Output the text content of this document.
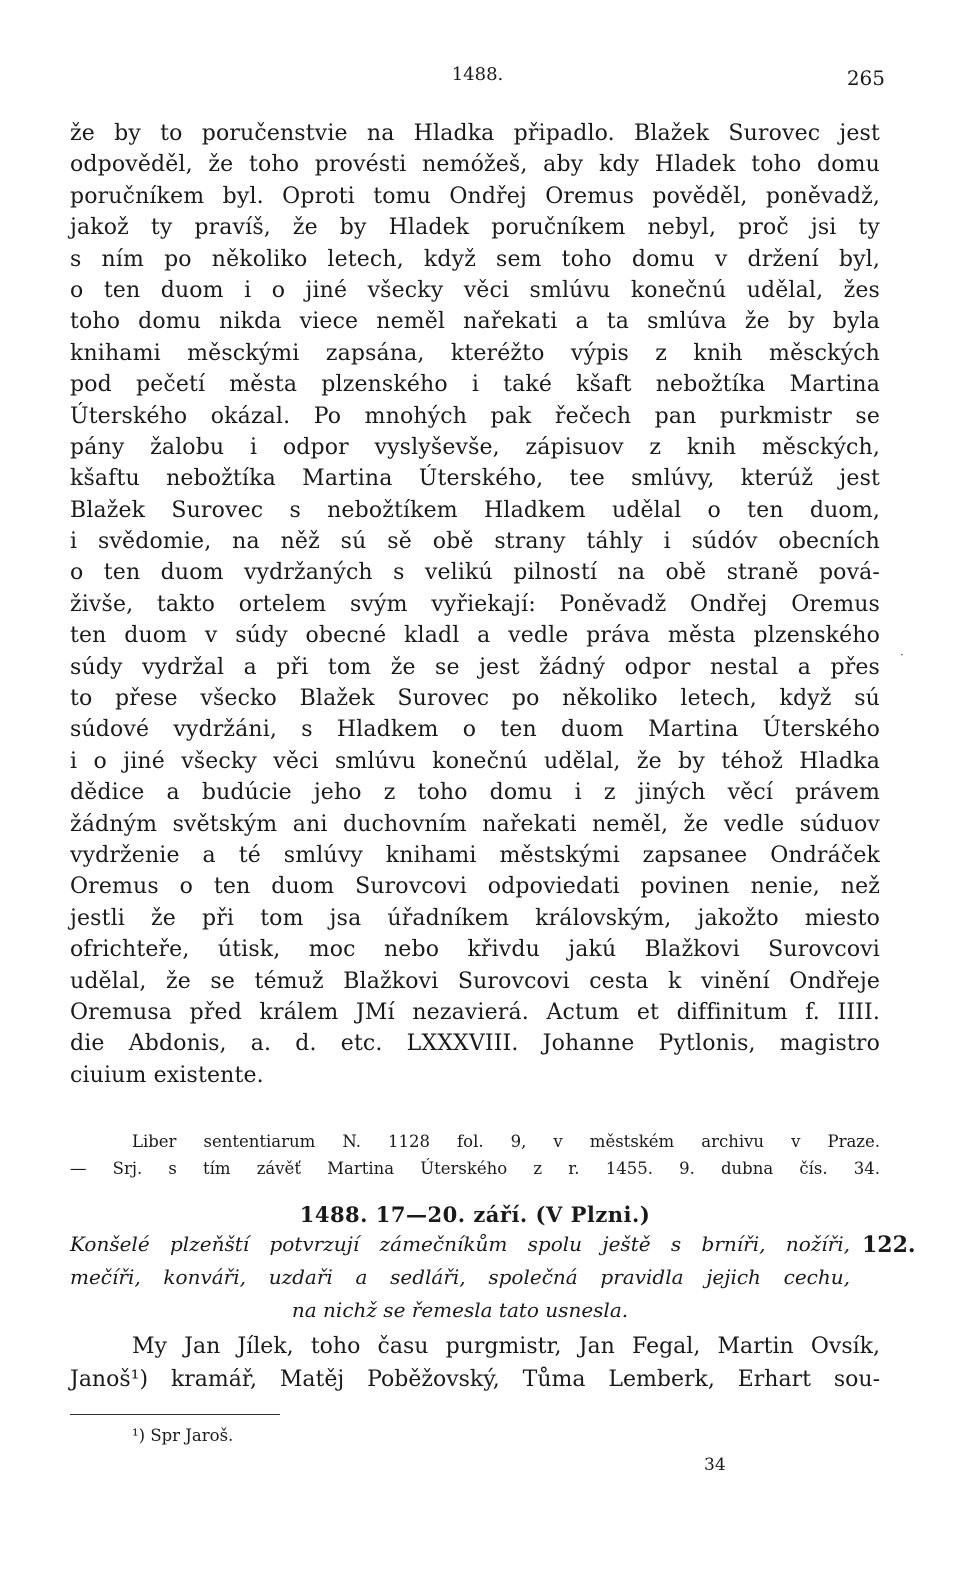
1488.	265
že by to poručenstvie na Hladka připadlo. Blažek Surovec jest
odpověděl, že toho provésti nemóžeš, aby kdy Hladek toho domu
poručníkem byl. Oproti tomu Ondřej Oremus pověděl, poněvadž,
jakož ty pravíš, že by Hladek poručníkem nebyl, proč jsi ty
s ním po několiko letech, když sem toho domu v držení byl,
o ten duom i o jiné všecky věci smlúvu konečnú udělal, žes
toho domu nikda viece neměl nařekati a ta smlúva že by byla
knihami měsckými zapsána, kteréžto výpis z knih měsckých
pod pečetí města plzenského i také kšaft nebožtíka Martina
Úterského okázal. Po mnohých pak řečech pan purkmistr se
pány žalobu i odpor vyslyševše, zápisuov z knih měsckých,
kšaftu nebožtíka Martina Úterského, tee smlúvy, kterúž jest
Blažek Surovec s nebožtíkem Hladkem udělal o ten duom,
i svědomie, na něž sú sě obě strany táhly i súdóv obecních
o ten duom vydržaných s velikú pilností na obě straně pová-
živše, takto ortelem svým vyřiekají: Poněvadž Ondřej Oremus
ten duom v súdy obecné kladl a vedle práva města plzenského
súdy vydržal a při tom že se jest žádný odpor nestal a přes
to přese všecko Blažek Surovec po několiko letech, když sú
súdové vydržáni, s Hladkem o ten duom Martina Úterského
i o jiné všecky věci smlúvu konečnú udělal, že by téhož Hladka
dědice a budúcie jeho z toho domu i z jiných věcí právem
žádným světským ani duchovním nařekati neměl, že vedle súduov
vydrženie a té smlúvy knihami městskými zapsanee Ondráček
Oremus o ten duom Surovcovi odpoviedati povinen nenie, než
jestli že při tom jsa úřadníkem královským, jakožto miesto
ofrichteře, útisk, moc nebo křivdu jakú Blažkovi Surovcovi
udělal, že se témuž Blažkovi Surovcovi cesta k vinění Ondřeje
Oremusa před králem JMí nezavierá. Actum et diffinitum f. IIII.
die Abdonis, a. d. etc. LXXXVIII. Johanne Pytlonis, magistro
ciuium existente.
Liber sententiarum N. 1128 fol. 9, v městském archivu v Praze.
— Srj. s tím závěť Martina Úterského z r. 1455. 9. dubna čís. 34.
1488. 17—20. září. (V Plzni.)
122.
Konšelé plzeňští potvrzují zámečníkům spolu ještě s brníři, nožíři,
mečíři, konváři, uzdaři a sedláři, společná pravidla jejich cechu,
na nichž se řemesla tato usnesla.
My Jan Jílek, toho času purgmistr, Jan Fegal, Martin Ovsík,
Janoš¹) kramář, Matěj Poběžovský, Tůma Lemberk, Erhart sou-
¹) Spr Jaroš.
34
·
